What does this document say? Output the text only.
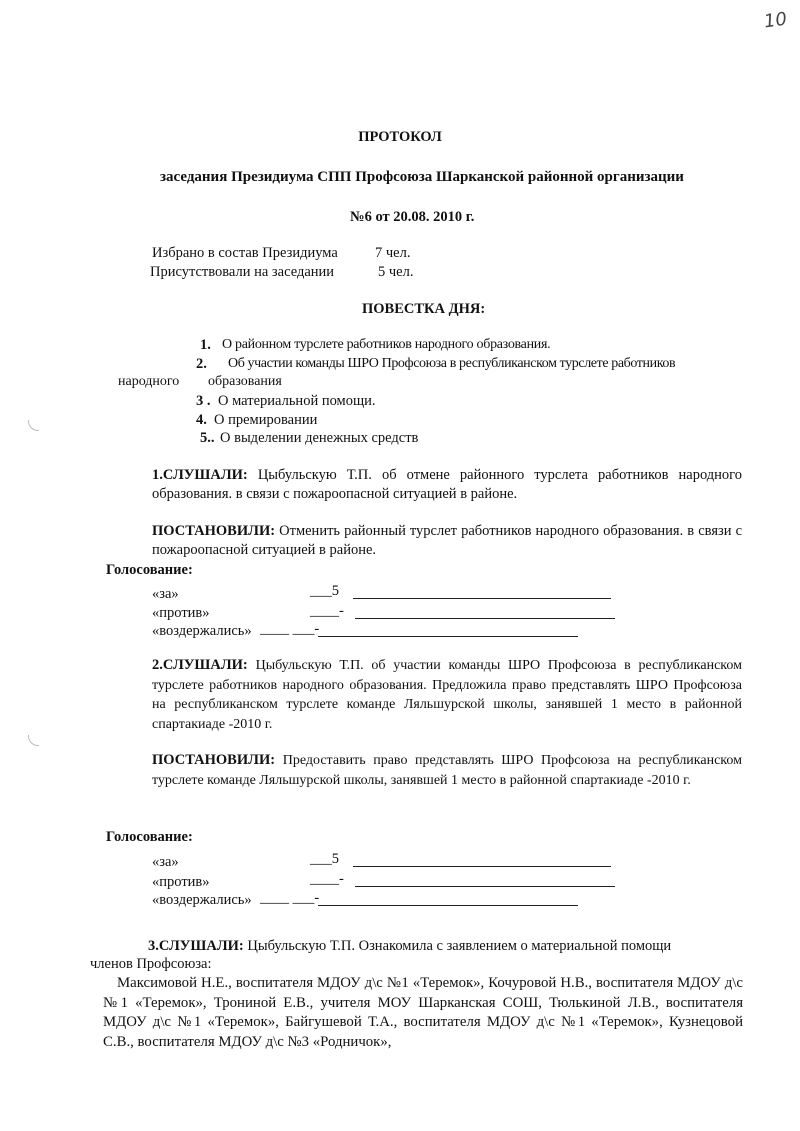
10
ПРОТОКОЛ
заседания Президиума СПП Профсоюза Шарканской районной организации
№6 от 20.08. 2010 г.
Избрано в состав Президиума	7 чел.
Присутствовали на заседании	5 чел.
ПОВЕСТКА ДНЯ:
1. О районном турслете работников народного образования.
2. Об участии команды ШРО Профсоюза в республиканском турслете работников
народного образования
3 . О материальной помощи.
4. О премировании
5.. О выделении денежных средств
1.СЛУШАЛИ: Цыбульскую Т.П. об отмене районного турслета работников народного образования. в связи с пожароопасной ситуацией в районе.
ПОСТАНОВИЛИ: Отменить районный турслет работников народного образования. в связи с пожароопасной ситуацией в районе.
Голосование:
«за»	___5
«против»	____-
«воздержались» ____ ___-
2.СЛУШАЛИ: Цыбульскую Т.П. об участии команды ШРО Профсоюза в республиканском турслете работников народного образования. Предложила право представлять ШРО Профсоюза на республиканском турслете команде Ляльшурской школы, занявшей 1 место в районной спартакиаде -2010 г.
ПОСТАНОВИЛИ: Предоставить право представлять ШРО Профсоюза на республиканском турслете команде Ляльшурской школы, занявшей 1 место в районной спартакиаде -2010 г.
Голосование:
«за»	___5
«против»	____-
«воздержались» ____ ___-
3.СЛУШАЛИ: Цыбульскую Т.П. Ознакомила с заявлением о материальной помощи
членов Профсоюза:
Максимовой Н.Е., воспитателя МДОУ д\с №1 «Теремок», Кочуровой Н.В., воспитателя МДОУ д\с №1 «Теремок», Трониной Е.В., учителя МОУ Шарканская СОШ, Тюлькиной Л.В., воспитателя МДОУ д\с №1 «Теремок», Байгушевой Т.А., воспитателя МДОУ д\с №1 «Теремок», Кузнецовой С.В., воспитателя МДОУ д\с №3 «Родничок»,
